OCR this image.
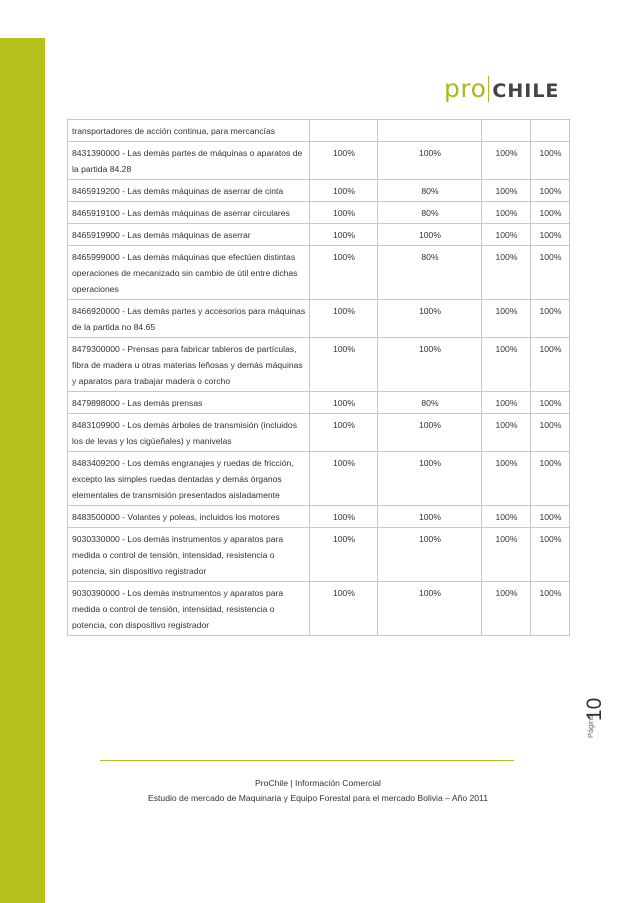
pro CHILE
transportadores de acción continua, para mercancías				
8431390000 - Las demás partes de máquinas o aparatos de la partida 84.28	100%	100%	100%	100%
8465919200 - Las demás máquinas de aserrar de cinta	100%	80%	100%	100%
8465919100 - Las demás máquinas de aserrar circulares	100%	80%	100%	100%
8465919900 - Las demás máquinas de aserrar	100%	100%	100%	100%
8465999000 - Las demás máquinas que efectúen distintas operaciones de mecanizado sin cambio de útil entre dichas operaciones	100%	80%	100%	100%
8466920000 - Las demás partes y accesorios para máquinas de la partida no 84.65	100%	100%	100%	100%
8479300000 - Prensas para fabricar tableros de partículas, fibra de madera u otras materias leñosas y demás máquinas y aparatos para trabajar madera o corcho	100%	100%	100%	100%
8479898000 - Las demás prensas	100%	80%	100%	100%
8483109900 - Los demás árboles de transmisión (incluidos los de levas y los cigüeñales) y manivelas	100%	100%	100%	100%
8483409200 - Los demás engranajes y ruedas de fricción, excepto las simples ruedas dentadas y demás órganos elementales de transmisión presentados aisladamente	100%	100%	100%	100%
8483500000 - Volantes y poleas, incluidos los motores	100%	100%	100%	100%
9030330000 - Los demás instrumentos y aparatos para medida o control de tensión, intensidad, resistencia o potencia, sin dispositivo registrador	100%	100%	100%	100%
9030390000 - Los demás instrumentos y aparatos para medida o control de tensión, intensidad, resistencia o potencia, con dispositivo registrador	100%	100%	100%	100%
Página
10
ProChile | Información Comercial
Estudio de mercado de Maquinaria y Equipo Forestal para el mercado Bolivia – Año 2011
